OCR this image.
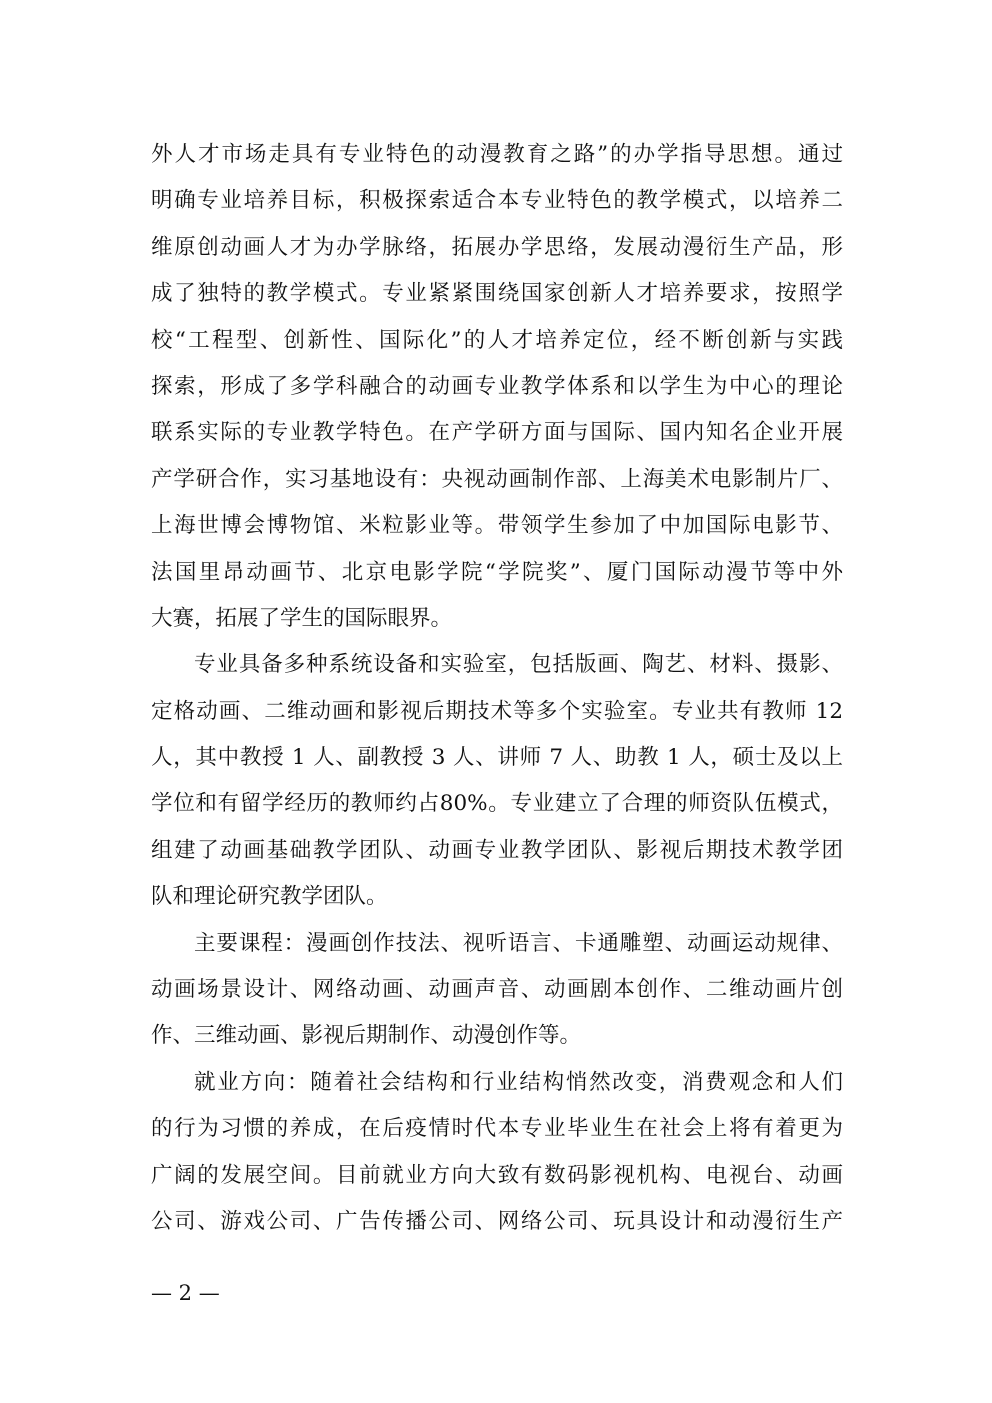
外人才市场走具有专业特色的动漫教育之路”的办学指导思想。通过
明确专业培养目标，积极探索适合本专业特色的教学模式，以培养二
维原创动画人才为办学脉络，拓展办学思络，发展动漫衍生产品，形
成了独特的教学模式。专业紧紧围绕国家创新人才培养要求，按照学
校“工程型、创新性、国际化”的人才培养定位，经不断创新与实践
探索，形成了多学科融合的动画专业教学体系和以学生为中心的理论
联系实际的专业教学特色。在产学研方面与国际、国内知名企业开展
产学研合作，实习基地设有：央视动画制作部、上海美术电影制片厂、
上海世博会博物馆、米粒影业等。带领学生参加了中加国际电影节、
法国里昂动画节、北京电影学院“学院奖”、厦门国际动漫节等中外
大赛，拓展了学生的国际眼界。
专业具备多种系统设备和实验室，包括版画、陶艺、材料、摄影、
定格动画、二维动画和影视后期技术等多个实验室。专业共有教师 12
人，其中教授 1 人、副教授 3 人、讲师 7 人、助教 1 人，硕士及以上
学位和有留学经历的教师约占80%。专业建立了合理的师资队伍模式，
组建了动画基础教学团队、动画专业教学团队、影视后期技术教学团
队和理论研究教学团队。
主要课程：漫画创作技法、视听语言、卡通雕塑、动画运动规律、
动画场景设计、网络动画、动画声音、动画剧本创作、二维动画片创
作、三维动画、影视后期制作、动漫创作等。
就业方向：随着社会结构和行业结构悄然改变，消费观念和人们
的行为习惯的养成，在后疫情时代本专业毕业生在社会上将有着更为
广阔的发展空间。目前就业方向大致有数码影视机构、电视台、动画
公司、游戏公司、广告传播公司、网络公司、玩具设计和动漫衍生产
— 2 —
